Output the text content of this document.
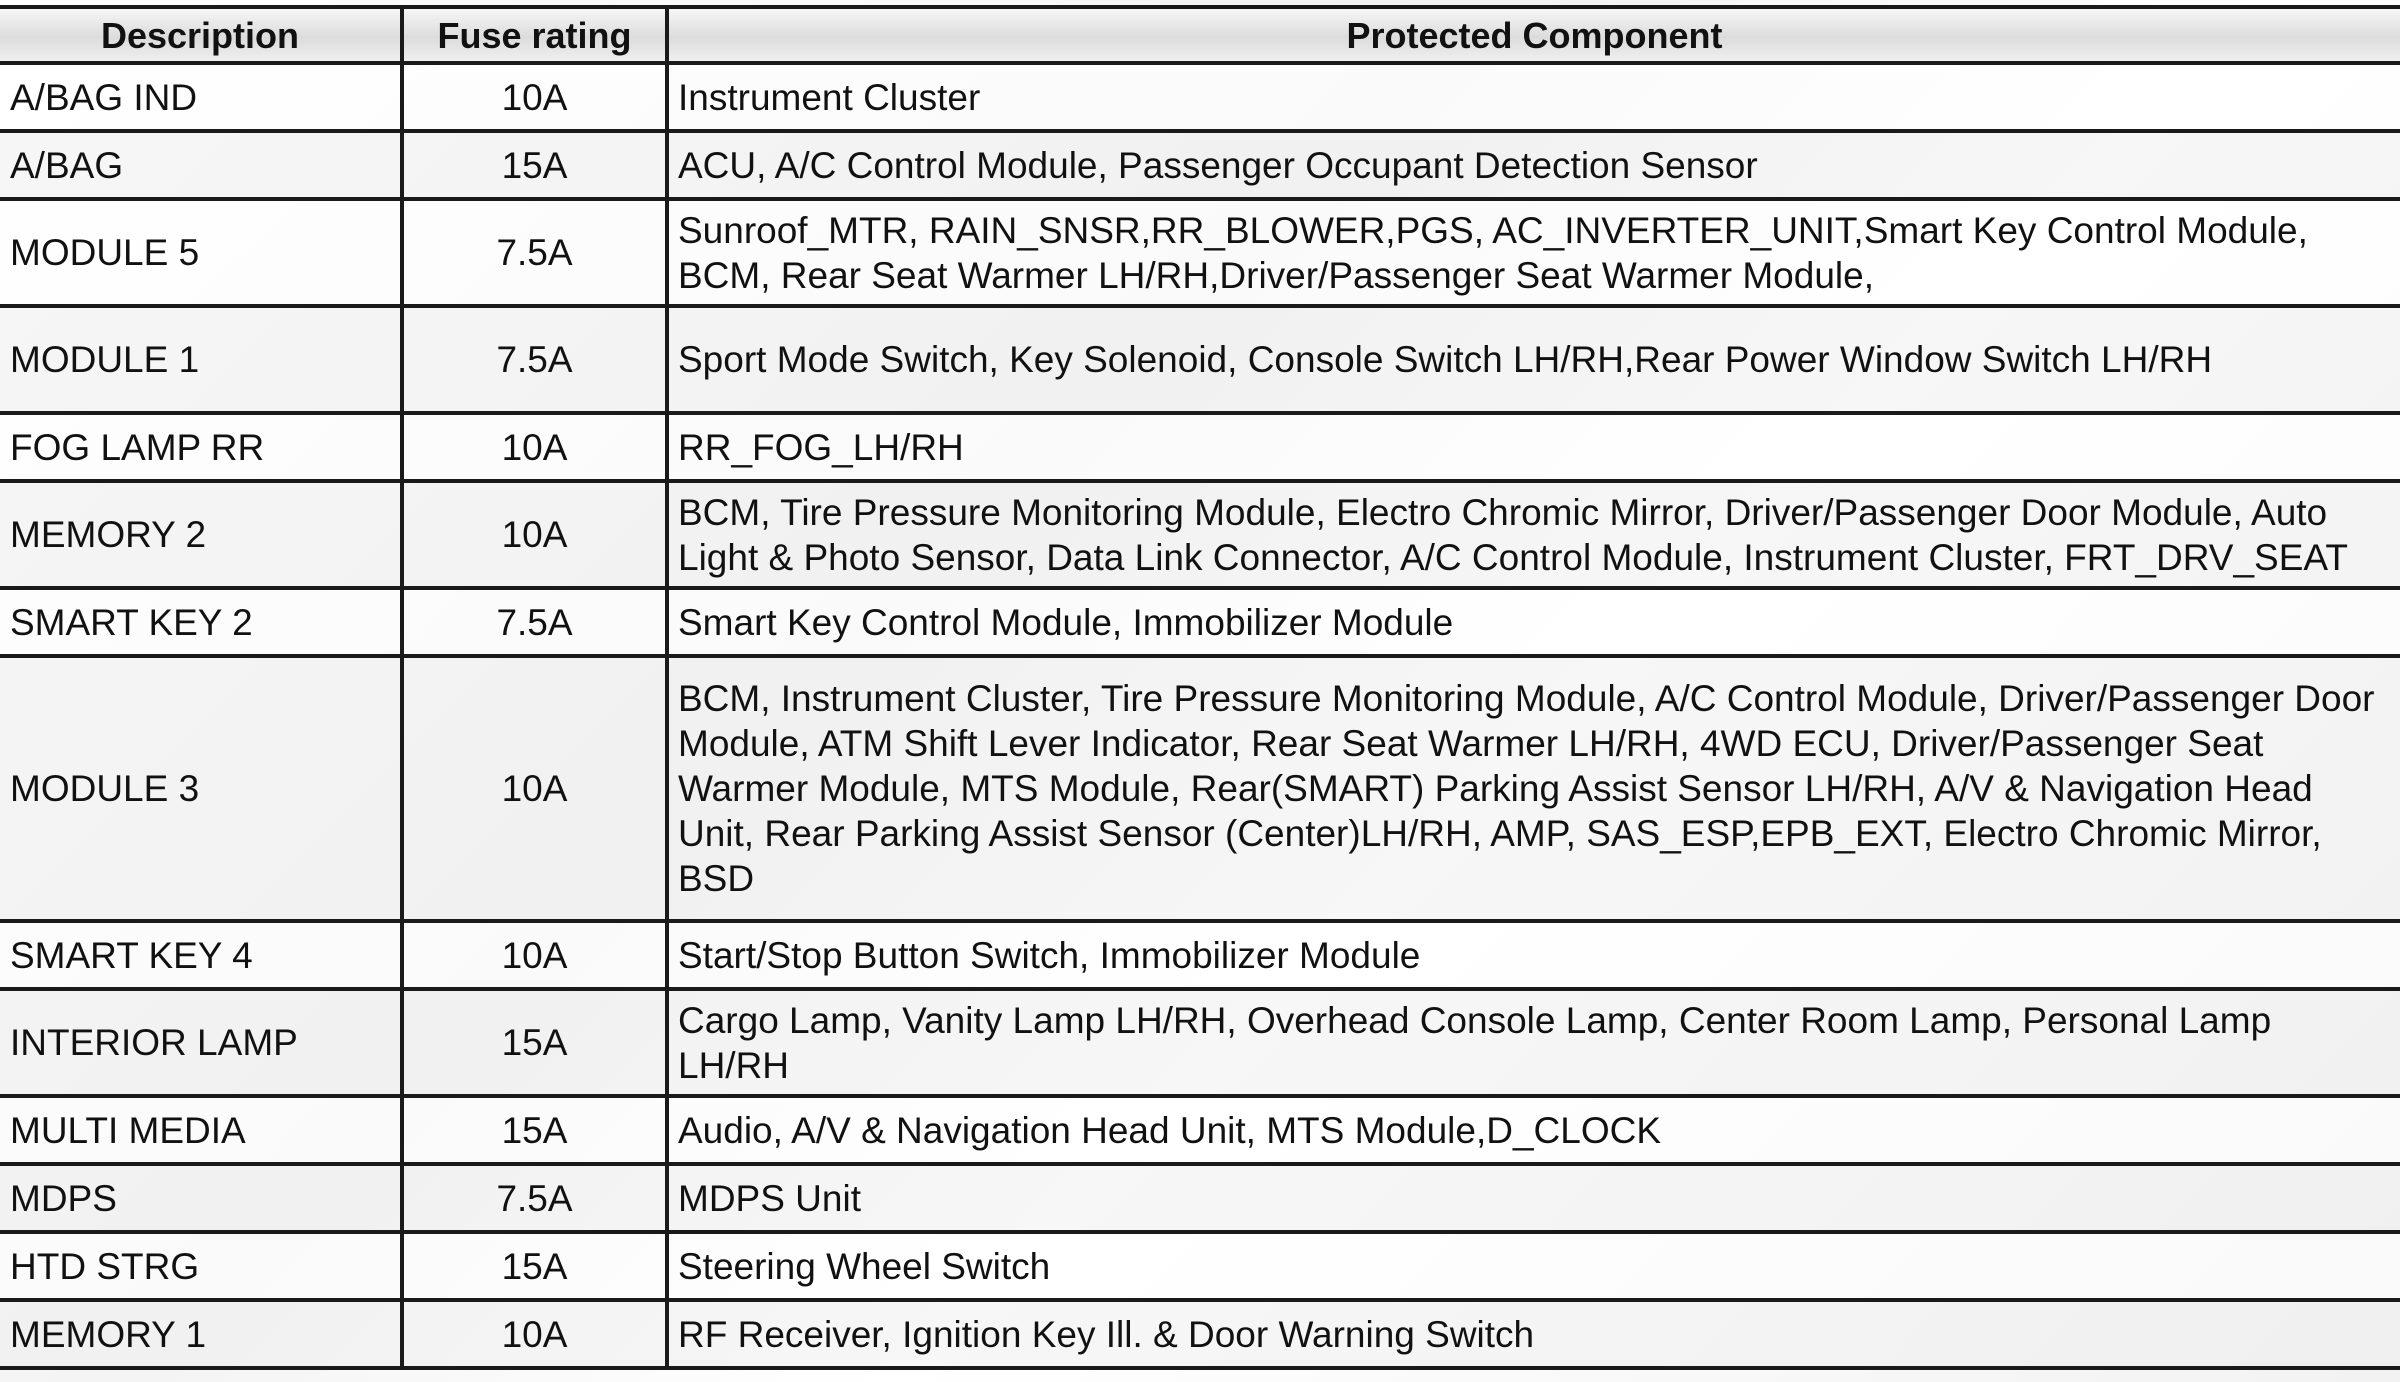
Description	Fuse rating	Protected Component
A/BAG IND	10A	Instrument Cluster
A/BAG	15A	ACU, A/C Control Module, Passenger Occupant Detection Sensor
MODULE 5	7.5A	Sunroof_MTR, RAIN_SNSR,RR_BLOWER,PGS, AC_INVERTER_UNIT,Smart Key Control Module, BCM, Rear Seat Warmer LH/RH,Driver/Passenger Seat Warmer Module,
MODULE 1	7.5A	Sport Mode Switch, Key Solenoid, Console Switch LH/RH,Rear Power Window Switch LH/RH
FOG LAMP RR	10A	RR_FOG_LH/RH
MEMORY 2	10A	BCM, Tire Pressure Monitoring Module, Electro Chromic Mirror, Driver/Passenger Door Module, Auto Light & Photo Sensor, Data Link Connector, A/C Control Module, Instrument Cluster, FRT_DRV_SEAT
SMART KEY 2	7.5A	Smart Key Control Module, Immobilizer Module
MODULE 3	10A	BCM, Instrument Cluster, Tire Pressure Monitoring Module, A/C Control Module, Driver/Passenger Door Module, ATM Shift Lever Indicator, Rear Seat Warmer LH/RH, 4WD ECU, Driver/Passenger Seat Warmer Module, MTS Module, Rear(SMART) Parking Assist Sensor LH/RH, A/V & Navigation Head Unit, Rear Parking Assist Sensor (Center)LH/RH, AMP, SAS_ESP,EPB_EXT, Electro Chromic Mirror, BSD
SMART KEY 4	10A	Start/Stop Button Switch, Immobilizer Module
INTERIOR LAMP	15A	Cargo Lamp, Vanity Lamp LH/RH, Overhead Console Lamp, Center Room Lamp, Personal Lamp LH/RH
MULTI MEDIA	15A	Audio, A/V & Navigation Head Unit, MTS Module,D_CLOCK
MDPS	7.5A	MDPS Unit
HTD STRG	15A	Steering Wheel Switch
MEMORY 1	10A	RF Receiver, Ignition Key Ill. & Door Warning Switch
